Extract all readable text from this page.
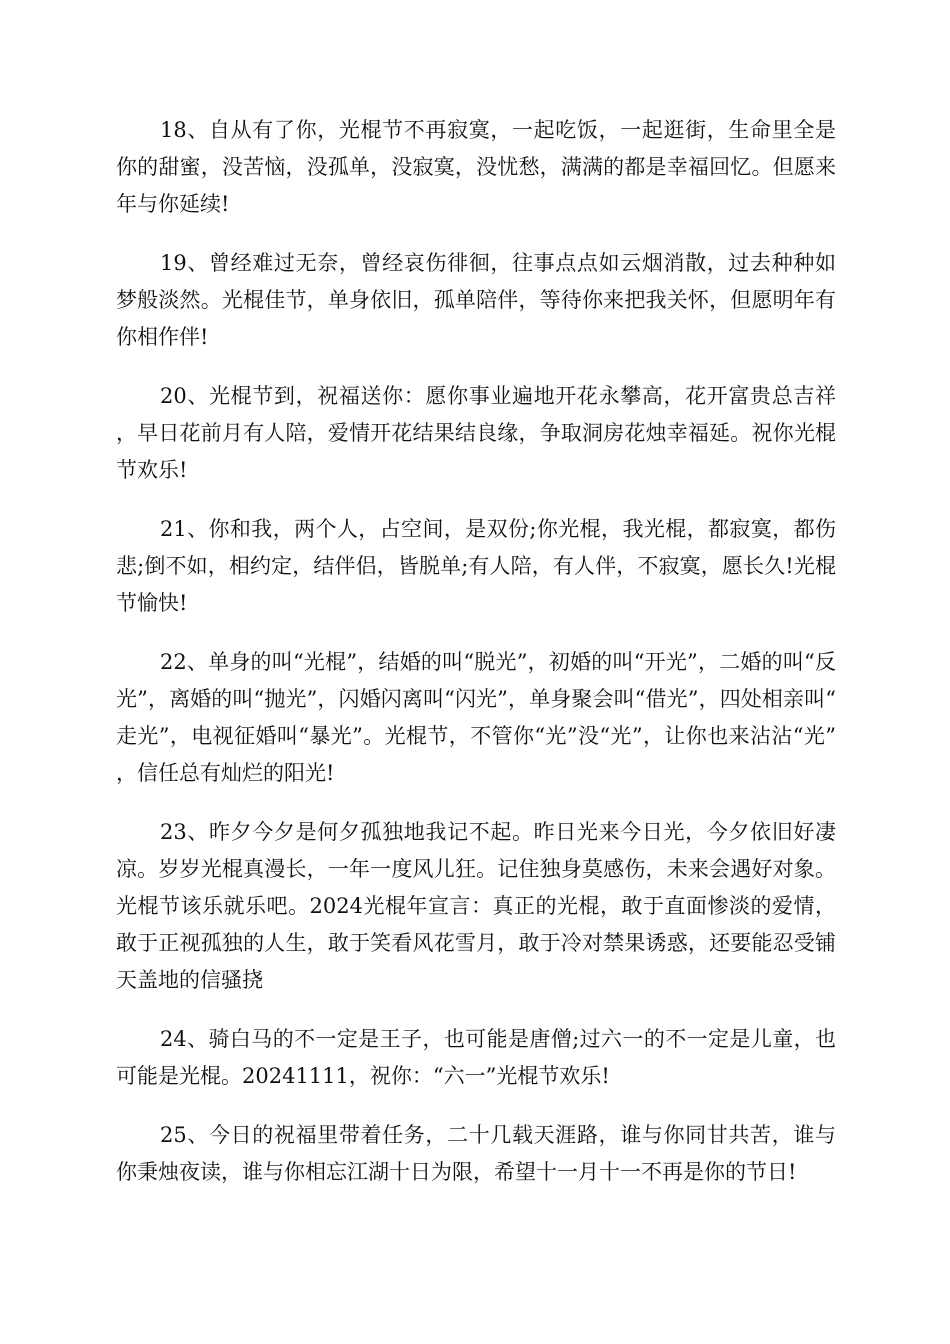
18、自从有了你，光棍节不再寂寞，一起吃饭，一起逛街，生命里全是你的甜蜜，没苦恼，没孤单，没寂寞，没忧愁，满满的都是幸福回忆。但愿来年与你延续!

19、曾经难过无奈，曾经哀伤徘徊，往事点点如云烟消散，过去种种如梦般淡然。光棍佳节，单身依旧，孤单陪伴，等待你来把我关怀，但愿明年有你相作伴!

20、光棍节到，祝福送你：愿你事业遍地开花永攀高，花开富贵总吉祥，早日花前月有人陪，爱情开花结果结良缘，争取洞房花烛幸福延。祝你光棍节欢乐!

21、你和我，两个人，占空间，是双份;你光棍，我光棍，都寂寞，都伤悲;倒不如，相约定，结伴侣，皆脱单;有人陪，有人伴，不寂寞，愿长久!光棍节愉快!

22、单身的叫“光棍”，结婚的叫“脱光”，初婚的叫“开光”，二婚的叫“反光”，离婚的叫“抛光”，闪婚闪离叫“闪光”，单身聚会叫“借光”，四处相亲叫“走光”，电视征婚叫“暴光”。光棍节，不管你“光”没“光”，让你也来沾沾“光”，信任总有灿烂的阳光!

23、昨夕今夕是何夕孤独地我记不起。昨日光来今日光，今夕依旧好凄凉。岁岁光棍真漫长，一年一度风儿狂。记住独身莫感伤，未来会遇好对象。光棍节该乐就乐吧。2024光棍年宣言：真正的光棍，敢于直面惨淡的爱情，敢于正视孤独的人生，敢于笑看风花雪月，敢于冷对禁果诱惑，还要能忍受铺天盖地的信骚挠

24、骑白马的不一定是王子，也可能是唐僧;过六一的不一定是儿童，也可能是光棍。20241111，祝你：“六一”光棍节欢乐!

25、今日的祝福里带着任务，二十几载天涯路，谁与你同甘共苦，谁与你秉烛夜读，谁与你相忘江湖十日为限，希望十一月十一不再是你的节日!
